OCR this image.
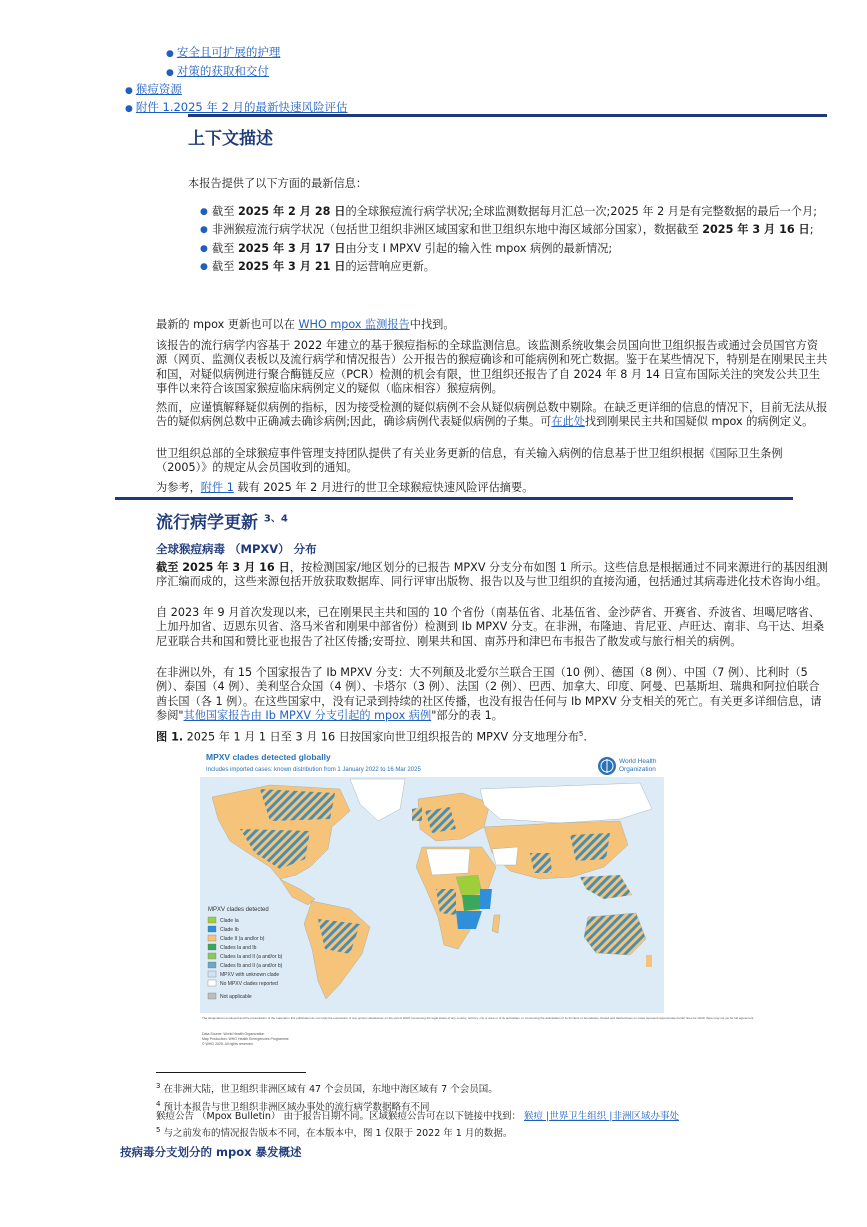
● 安全且可扩展的护理
● 对策的获取和交付
● 猴痘资源
● 附件 1.2025 年 2 月的最新快速风险评估
上下文描述

本报告提供了以下方面的最新信息：

● 截至 2025 年 2 月 28 日的全球猴痘流行病学状况;全球监测数据每月汇总一次;2025 年 2 月是有完整数据的最后一个月;
● 非洲猴痘流行病学状况（包括世卫组织非洲区域国家和世卫组织东地中海区域部分国家），数据截至 2025 年 3 月 16 日;
● 截至 2025 年 3 月 17 日由分支 I MPXV 引起的输入性 mpox 病例的最新情况;
● 截至 2025 年 3 月 21 日的运营响应更新。

最新的 mpox 更新也可以在 WHO mpox 监测报告中找到。

该报告的流行病学内容基于 2022 年建立的基于猴痘指标的全球监测信息。该监测系统收集会员国向世卫组织报告或通过会员国官方资源（网页、监测仪表板以及流行病学和情况报告）公开报告的猴痘确诊和可能病例和死亡数据。鉴于在某些情况下，特别是在刚果民主共和国，对疑似病例进行聚合酶链反应（PCR）检测的机会有限，世卫组织还报告了自 2024 年 8 月 14 日宣布国际关注的突发公共卫生事件以来符合该国家猴痘临床病例定义的疑似（临床相容）猴痘病例。

然而，应谨慎解释疑似病例的指标，因为接受检测的疑似病例不会从疑似病例总数中剔除。在缺乏更详细的信息的情况下，目前无法从报告的疑似病例总数中正确减去确诊病例;因此，确诊病例代表疑似病例的子集。可在此处找到刚果民主共和国疑似 mpox 的病例定义。

世卫组织总部的全球猴痘事件管理支持团队提供了有关业务更新的信息，有关输入病例的信息基于世卫组织根据《国际卫生条例（2005）》的规定从会员国收到的通知。

为参考，附件 1 载有 2025 年 2 月进行的世卫全球猴痘快速风险评估摘要。

流行病学更新 $^{3、4}$
全球猴痘病毒 （MPXV） 分布

截至 2025 年 3 月 16 日，按检测国家/地区划分的已报告 MPXV 分支分布如图 1 所示。这些信息是根据通过不同来源进行的基因组测序汇编而成的，这些来源包括开放获取数据库、同行评审出版物、报告以及与世卫组织的直接沟通，包括通过其病毒进化技术咨询小组。

自 2023 年 9 月首次发现以来，已在刚果民主共和国的 10 个省份（南基伍省、北基伍省、金沙萨省、开赛省、乔波省、坦噶尼喀省、上加丹加省、迈恩东贝省、洛马米省和刚果中部省份）检测到 Ib MPXV 分支。在非洲，布隆迪、肯尼亚、卢旺达、南非、乌干达、坦桑尼亚联合共和国和赞比亚也报告了社区传播;安哥拉、刚果共和国、南苏丹和津巴布韦报告了散发或与旅行相关的病例。

在非洲以外，有 15 个国家报告了 Ib MPXV 分支：大不列颠及北爱尔兰联合王国（10 例）、德国（8 例）、中国（7 例）、比利时（5 例）、泰国（4 例）、美利坚合众国（4 例）、卡塔尔（3 例）、法国（2 例）、巴西、加拿大、印度、阿曼、巴基斯坦、瑞典和阿拉伯联合酋长国（各 1 例）。在这些国家中，没有记录到持续的社区传播，也没有报告任何与 Ib MPXV 分支相关的死亡。有关更多详细信息，请参阅"其他国家报告由 Ib MPXV 分支引起的 mpox 病例"部分的表 1。

图 1. 2025 年 1 月 1 日至 3 月 16 日按国家向世卫组织报告的 MPXV 分支地理分布$^5$.

MPXV clades detected globally
Includes imported cases: known distribution from 1 January 2022 to 16 Mar 2025
World Health
Organization
MPXV clades detected
Clade Ia
Clade Ib
Clade II (a and/or b)
Clades Ia and Ib
Clades Ia and II (a and/or b)
Clades Ib and II (a and/or b)
MPXV with unknown clade
No MPXV clades reported
Not applicable
The designations employed and the presentation of the material in this publication do not imply the expression of any opinion whatsoever on the part of WHO concerning the legal status of any country, territory, city or area or of its authorities, or concerning the delimitation of its frontiers or boundaries. Dotted and dashed lines on maps represent approximate border lines for which there may not yet be full agreement.
Data Source: World Health Organization
Map Production: WHO Health Emergencies Programme
© WHO 2025. All rights reserved.

$^3$ 在非洲大陆，世卫组织非洲区域有 47 个会员国，东地中海区域有 7 个会员国。

$^4$ 预计本报告与世卫组织非洲区域办事处的流行病学数据略有不同

猴痘公告 （Mpox Bulletin） 由于报告日期不同。区域猴痘公告可在以下链接中找到： 猴痘 |世界卫生组织 |非洲区域办事处

$^5$ 与之前发布的情况报告版本不同，在本版本中，图 1 仅限于 2022 年 1 月的数据。

按病毒分支划分的 mpox 暴发概述
